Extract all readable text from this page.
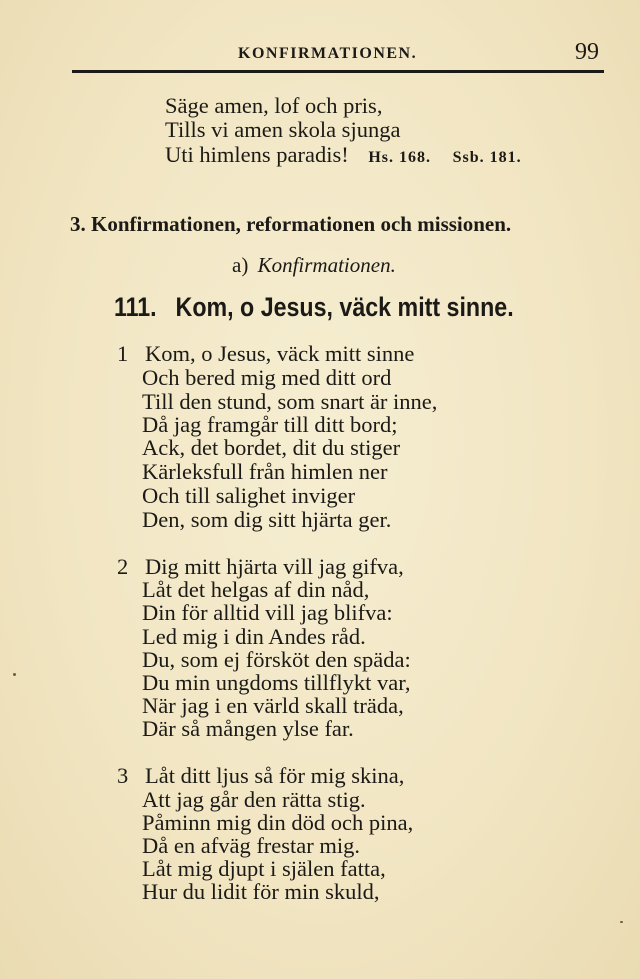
KONFIRMATIONEN.	99
Säge amen, lof och pris,
Tills vi amen skola sjunga
Uti himlens paradis! Hs. 168. Ssb. 181.
3. Konfirmationen, reformationen och missionen.
a) Konfirmationen.
111. Kom, o Jesus, väck mitt sinne.
1 Kom, o Jesus, väck mitt sinne
Och bered mig med ditt ord
Till den stund, som snart är inne,
Då jag framgår till ditt bord;
Ack, det bordet, dit du stiger
Kärleksfull från himlen ner
Och till salighet inviger
Den, som dig sitt hjärta ger.
2 Dig mitt hjärta vill jag gifva,
Låt det helgas af din nåd,
Din för alltid vill jag blifva:
Led mig i din Andes råd.
Du, som ej försköt den späda:
Du min ungdoms tillflykt var,
När jag i en värld skall träda,
Där så mången ylse far.
3 Låt ditt ljus så för mig skina,
Att jag går den rätta stig.
Påminn mig din död och pina,
Då en afväg frestar mig.
Låt mig djupt i själen fatta,
Hur du lidit för min skuld,
